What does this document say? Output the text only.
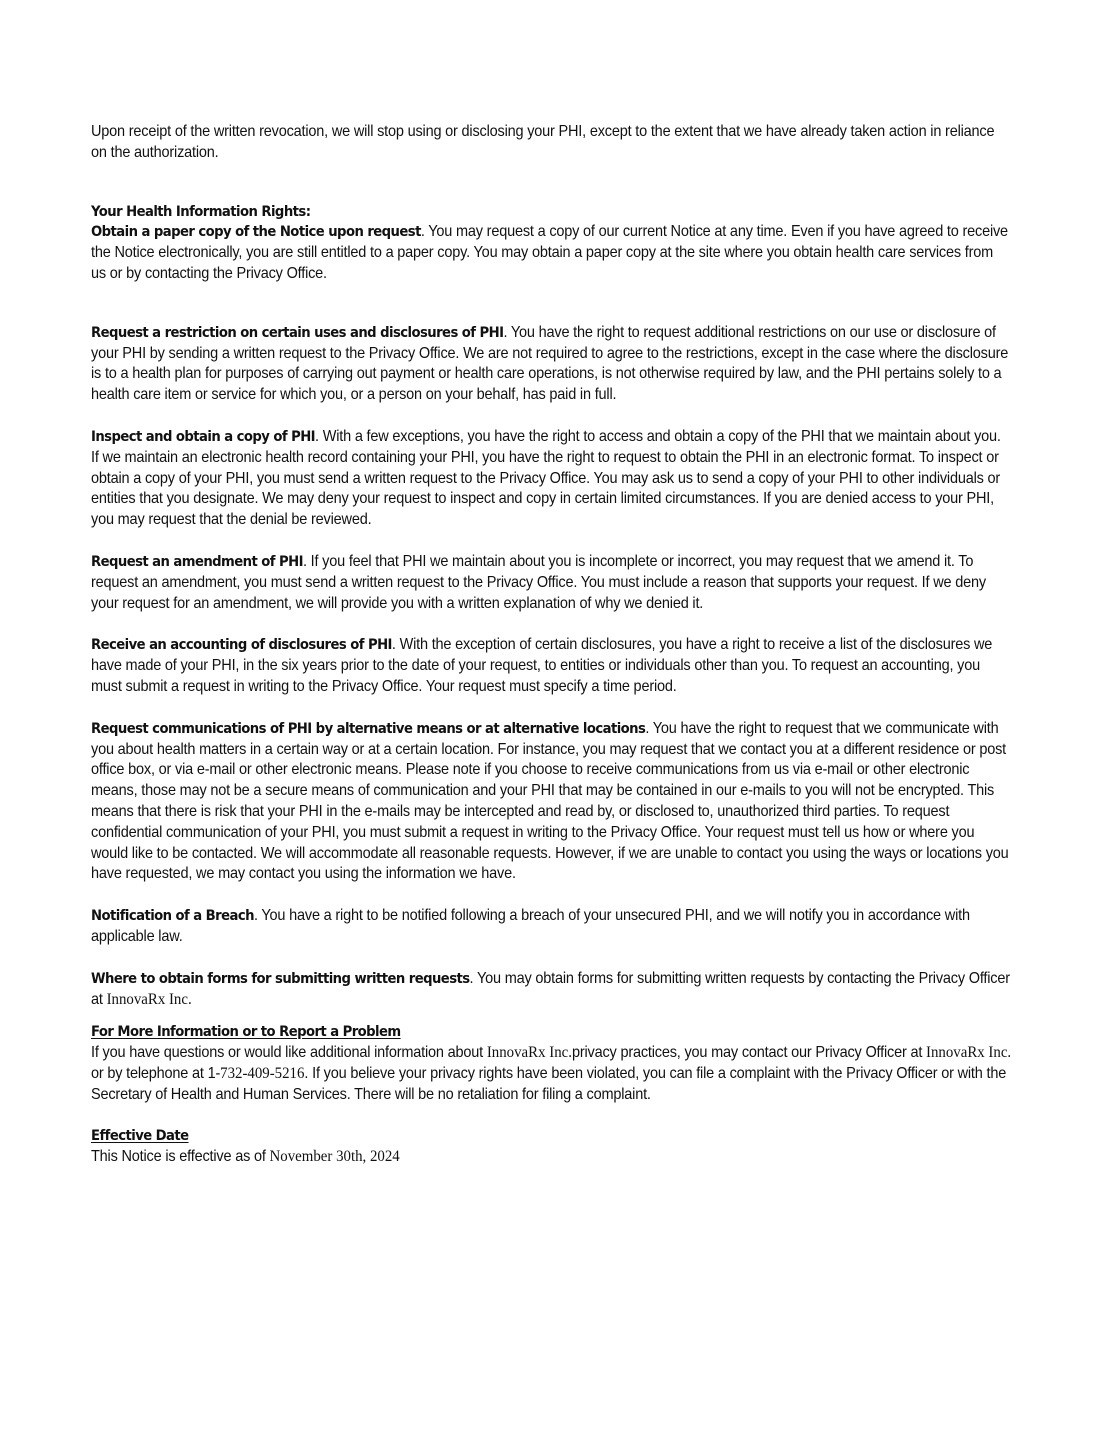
Upon receipt of the written revocation, we will stop using or disclosing your PHI, except to the extent that we have already taken action in reliance on the authorization.

Your Health Information Rights:

Obtain a paper copy of the Notice upon request. You may request a copy of our current Notice at any time. Even if you have agreed to receive the Notice electronically, you are still entitled to a paper copy. You may obtain a paper copy at the site where you obtain health care services from us or by contacting the Privacy Office.

Request a restriction on certain uses and disclosures of PHI. You have the right to request additional restrictions on our use or disclosure of your PHI by sending a written request to the Privacy Office. We are not required to agree to the restrictions, except in the case where the disclosure is to a health plan for purposes of carrying out payment or health care operations, is not otherwise required by law, and the PHI pertains solely to a health care item or service for which you, or a person on your behalf, has paid in full.

Inspect and obtain a copy of PHI. With a few exceptions, you have the right to access and obtain a copy of the PHI that we maintain about you. If we maintain an electronic health record containing your PHI, you have the right to request to obtain the PHI in an electronic format. To inspect or obtain a copy of your PHI, you must send a written request to the Privacy Office. You may ask us to send a copy of your PHI to other individuals or entities that you designate. We may deny your request to inspect and copy in certain limited circumstances. If you are denied access to your PHI, you may request that the denial be reviewed.

Request an amendment of PHI. If you feel that PHI we maintain about you is incomplete or incorrect, you may request that we amend it. To request an amendment, you must send a written request to the Privacy Office. You must include a reason that supports your request. If we deny your request for an amendment, we will provide you with a written explanation of why we denied it.

Receive an accounting of disclosures of PHI. With the exception of certain disclosures, you have a right to receive a list of the disclosures we have made of your PHI, in the six years prior to the date of your request, to entities or individuals other than you. To request an accounting, you must submit a request in writing to the Privacy Office. Your request must specify a time period.

Request communications of PHI by alternative means or at alternative locations. You have the right to request that we communicate with you about health matters in a certain way or at a certain location. For instance, you may request that we contact you at a different residence or post office box, or via e-mail or other electronic means. Please note if you choose to receive communications from us via e-mail or other electronic means, those may not be a secure means of communication and your PHI that may be contained in our e-mails to you will not be encrypted. This means that there is risk that your PHI in the e-mails may be intercepted and read by, or disclosed to, unauthorized third parties. To request confidential communication of your PHI, you must submit a request in writing to the Privacy Office. Your request must tell us how or where you would like to be contacted. We will accommodate all reasonable requests. However, if we are unable to contact you using the ways or locations you have requested, we may contact you using the information we have.

Notification of a Breach. You have a right to be notified following a breach of your unsecured PHI, and we will notify you in accordance with applicable law.

Where to obtain forms for submitting written requests. You may obtain forms for submitting written requests by contacting the Privacy Officer at InnovaRx Inc.

For More Information or to Report a Problem

If you have questions or would like additional information about InnovaRx Inc.privacy practices, you may contact our Privacy Officer at InnovaRx Inc. or by telephone at 1-732-409-5216. If you believe your privacy rights have been violated, you can file a complaint with the Privacy Officer or with the Secretary of Health and Human Services. There will be no retaliation for filing a complaint.

Effective Date

This Notice is effective as of November 30th, 2024
